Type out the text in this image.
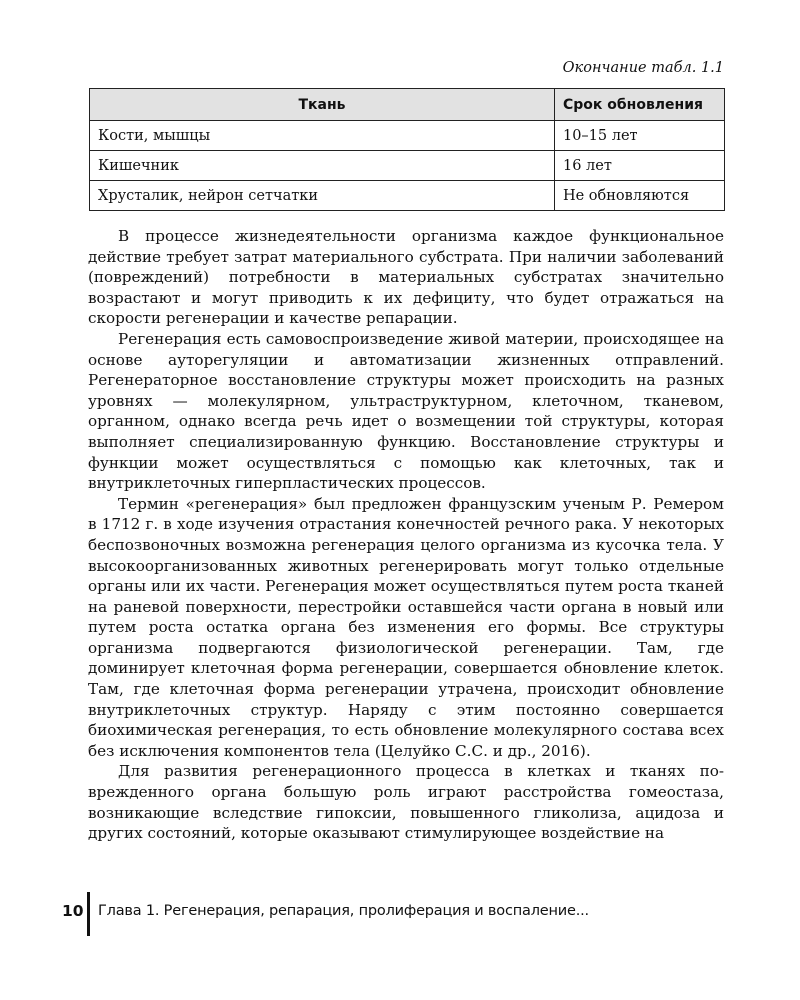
Окончание табл. 1.1
Ткань	Срок обновления
Кости, мышцы	10–15 лет
Кишечник	16 лет
Хрусталик, нейрон сетчатки	Не обновляются

В процессе жизнедеятельности организма каждое функциональное действие требует затрат материального субстрата. При наличии заболеваний (повреждений) потребности в материальных субстратах значительно возрастают и могут приводить к их дефициту, что будет отражаться на скорости регенерации и качестве репарации.

Регенерация есть самовоспроизведение живой материи, происходящее на основе ауторегуляции и автоматизации жизненных отправлений. Регенераторное восстановление структуры может происходить на разных уровнях — молекулярном, ультраструктурном, клеточном, тканевом, органном, однако всегда речь идет о возмещении той структуры, которая выполняет специализированную функцию. Восстановление структуры и функции может осуществляться с помощью как клеточных, так и внутриклеточных гиперпластических процессов.

Термин «регенерация» был предложен французским ученым Р. Ремером в 1712 г. в ходе изучения отрастания конечностей речного рака. У некоторых беспозвоночных возможна регенерация целого организма из кусочка тела. У высокоорганизованных животных регенерировать могут только отдельные органы или их части. Регенерация может осуществляться путем роста тканей на раневой поверхности, перестройки оставшейся части органа в новый или путем роста остатка органа без изменения его формы. Все структуры организма подвергаются физиологической регенерации. Там, где доминирует клеточная форма регенерации, совершается обновление клеток. Там, где клеточная форма регенерации утрачена, происходит обновление внутриклеточных структур. Наряду с этим постоянно совершается биохимическая регенерация, то есть обновление молекулярного состава всех без исключения компонентов тела (Целуйко С.С. и др., 2016).

Для развития регенерационного процесса в клетках и тканях поврежденного органа большую роль играют расстройства гомеостаза, возникающие вследствие гипоксии, повышенного гликолиза, ацидоза и других состояний, которые оказывают стимулирующее воздействие на

10 Глава 1. Регенерация, репарация, пролиферация и воспаление...
